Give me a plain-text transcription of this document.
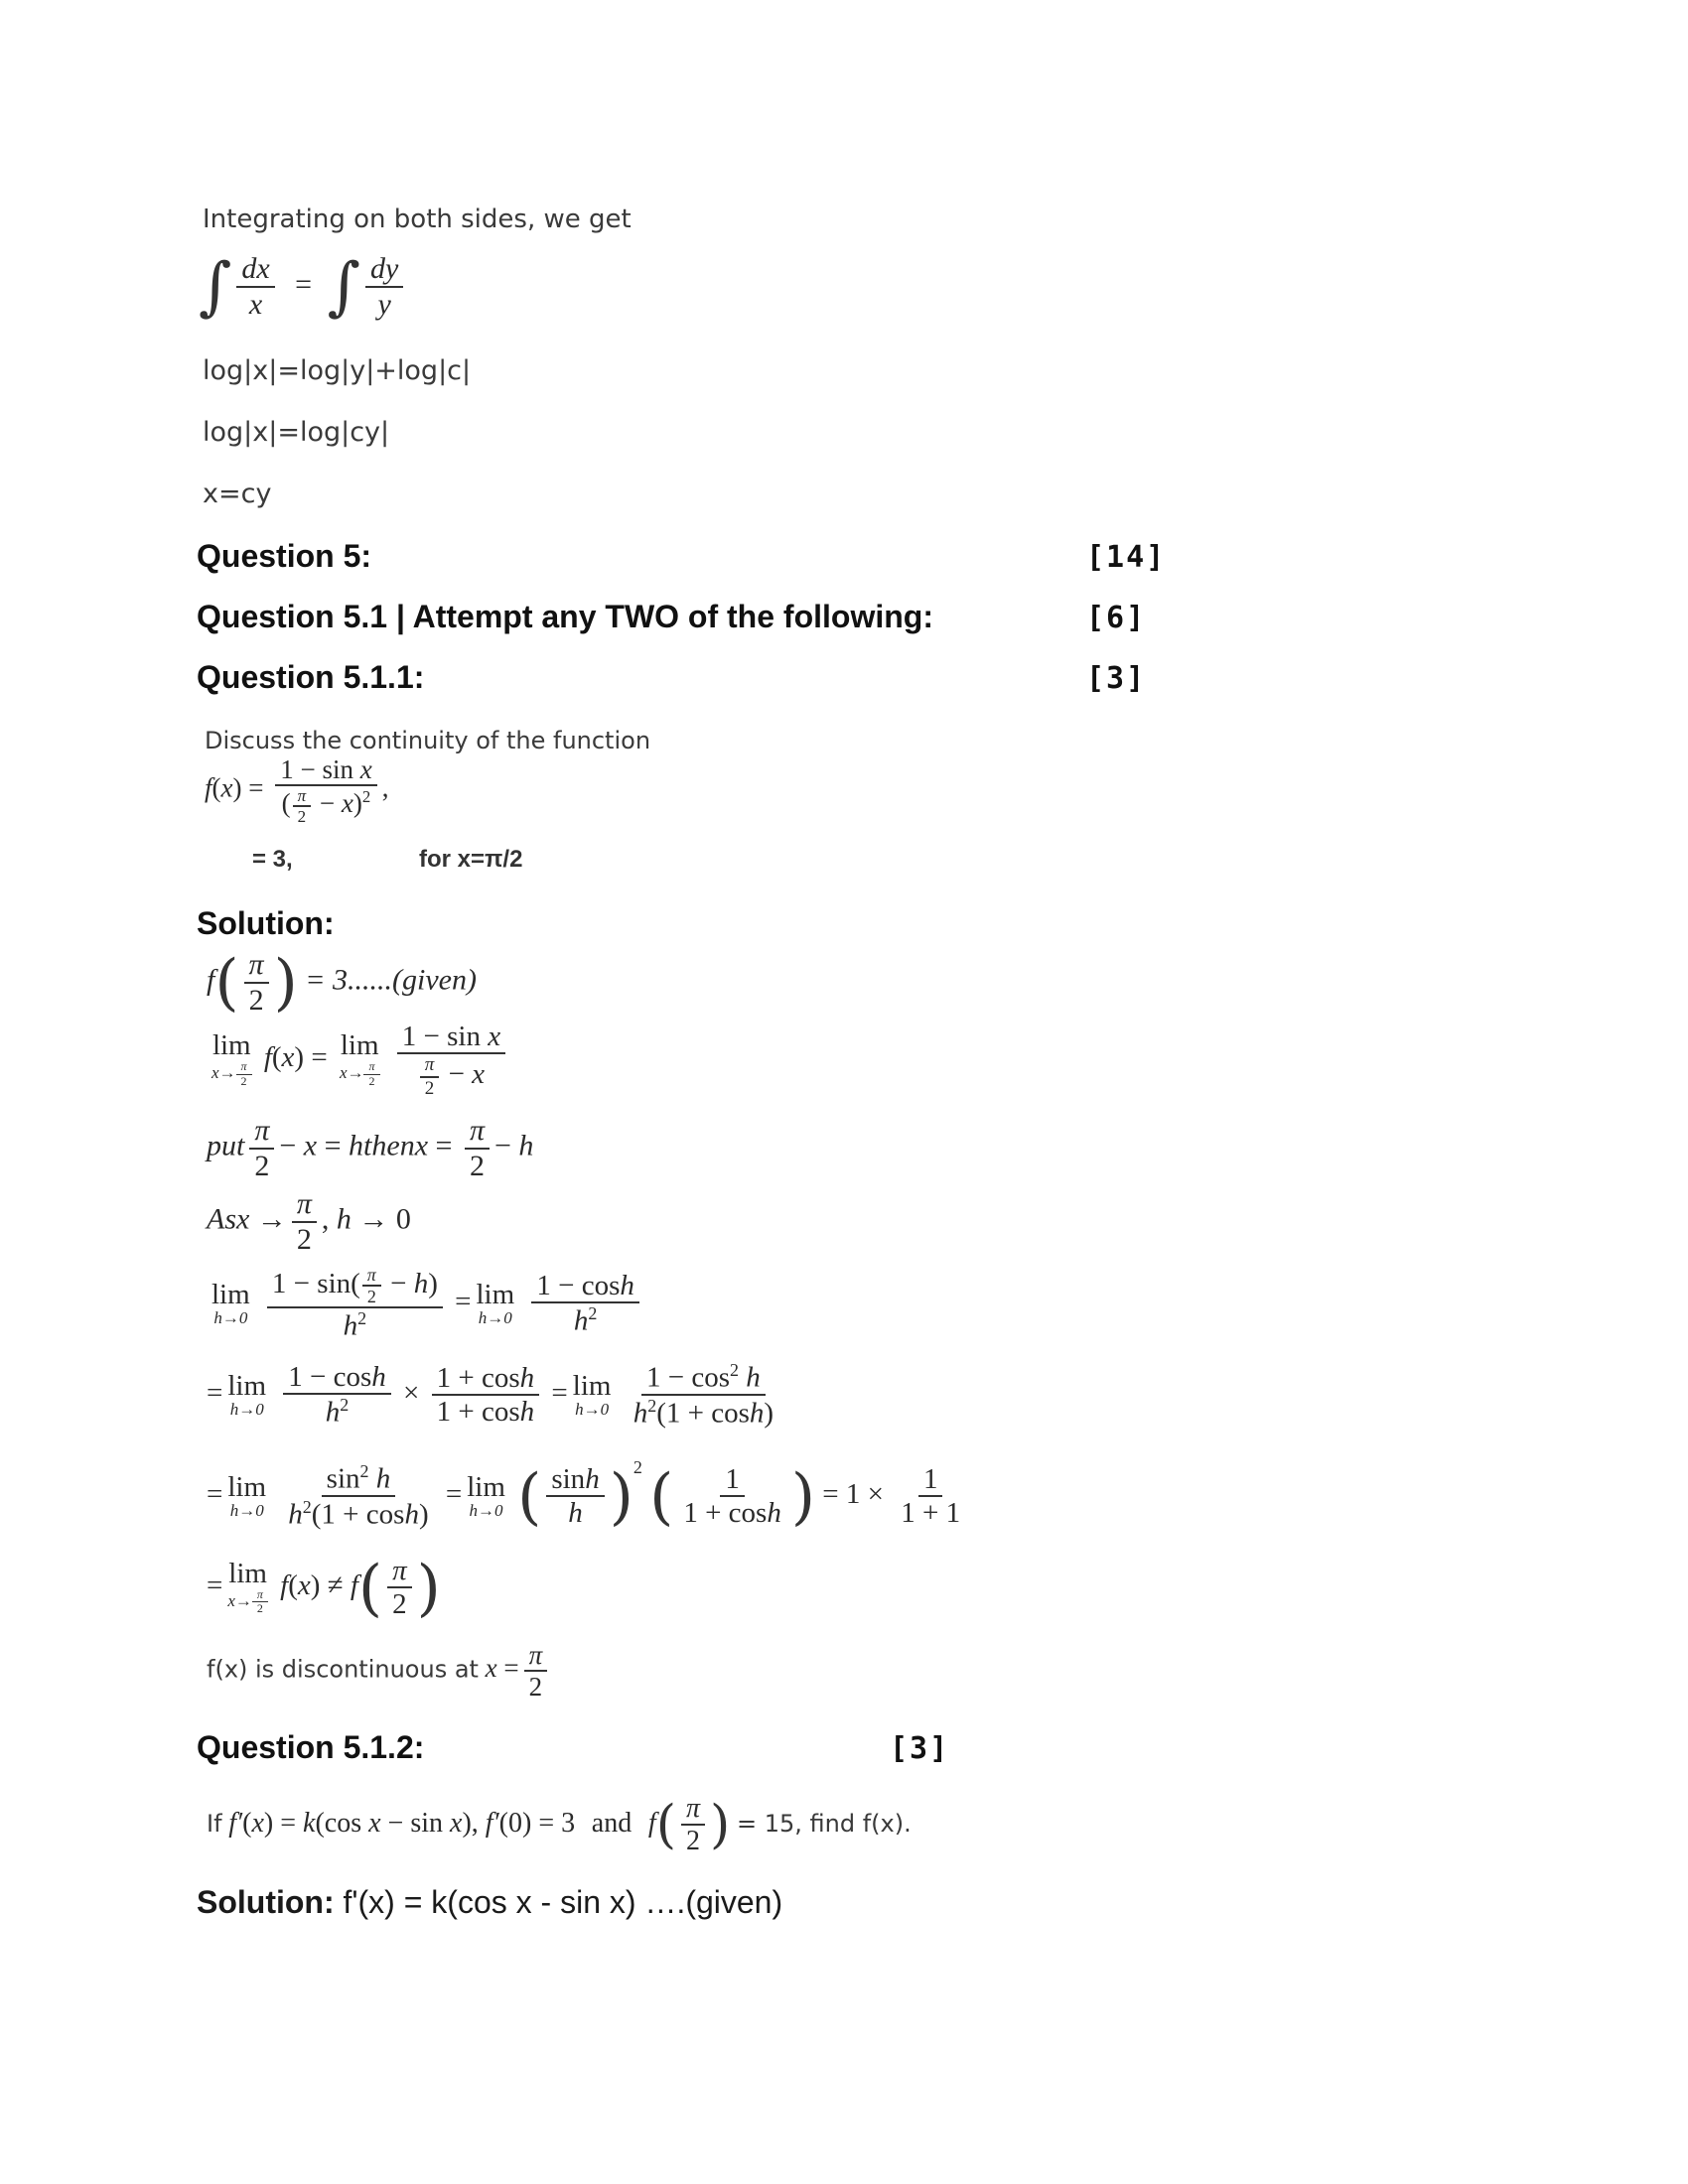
Integrating on both sides, we get
∫ $\frac{dx}{x}$ = ∫ $\frac{dy}{y}$
log|x|=log|y|+log|c|
log|x|=log|cy|
x=cy
Question 5:	[14]
Question 5.1 | Attempt any TWO of the following:	[6]
Question 5.1.1:	[3]
Discuss the continuity of the function
$f(x) = \frac{\text{1 − sin x}}{( \frac{\pi}{2} - x)^2}$ ,
= 3,	for x=π/2
Solution:
$f( \frac{\pi}{2}$ ) = 3......(given)
lim
$x\to \frac{\pi}{2}$
f(x) = lim
$x\to \frac{\pi}{2}$
$\frac{\text{1 − sin x}}{\frac{\pi}{2} - x}$
put $\frac{\pi}{2} - x$ = hthenx = $\frac{\pi}{2} - h$
Asx → $\frac{\pi}{2}$ , h → 0
lim
h→0
$\frac{1 - \sin( \frac{\pi}{2} - h)}{h^2} = \lim$
h→0
$\frac{1 - \cosh}{h^2}$
= lim
h→0
$\frac{1 - \cosh}{h^2} \times \frac{1 + \cosh}{1 + \cosh} = \lim$
h→0
$\frac{1 - \cos^2 h}{h^2(1 + \cosh)}$
= lim
h→0
$\frac{\sin^2 h}{h^2(1 + \cosh)} = \lim$
h→0 ( $\frac{\sinh}{h} )^2$ ( $\frac{1}{1 + \cosh}$ ) = $1 \times \frac{1}{1 + 1}$
= lim
$x\to \frac{\pi}{2}$
$f(x) \ne f( \frac{\pi}{2}$ )
f(x) is discontinuous at $x = \frac{\pi}{2}$
Question 5.1.2:	[3]
If f′(x) = k(cos x − sin x), f′(0) = 3 and $f( \frac{\pi}{2}$ ) = 15, find f(x).
Solution: f'(x) = k(cos x - sin x) ….(given)
